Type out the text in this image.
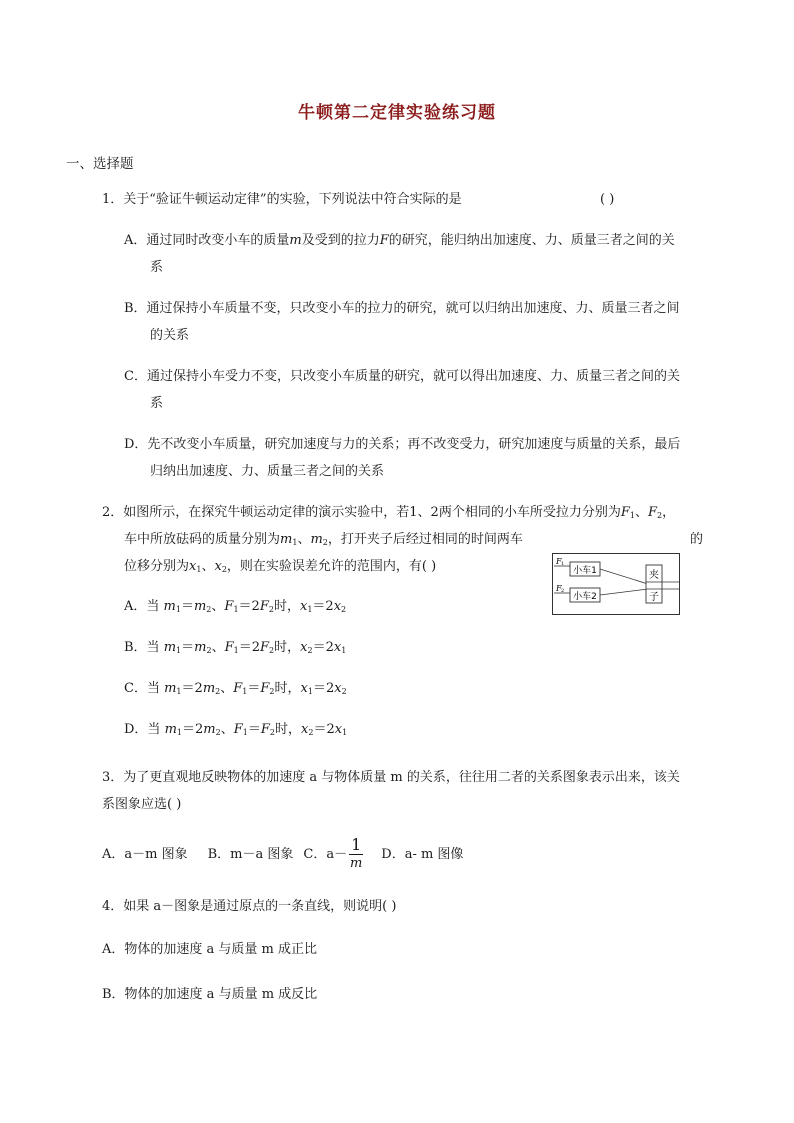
牛顿第二定律实验练习题
一、选择题
1．关于“验证牛顿运动定律”的实验，下列说法中符合实际的是	( )
A．通过同时改变小车的质量m及受到的拉力F的研究，能归纳出加速度、力、质量三者之间的关
系
B．通过保持小车质量不变，只改变小车的拉力的研究，就可以归纳出加速度、力、质量三者之间
的关系
C．通过保持小车受力不变，只改变小车质量的研究，就可以得出加速度、力、质量三者之间的关
系
D．先不改变小车质量，研究加速度与力的关系；再不改变受力，研究加速度与质量的关系，最后
归纳出加速度、力、质量三者之间的关系
2．如图所示，在探究牛顿运动定律的演示实验中，若1、2两个相同的小车所受拉力分别为$F_1$、$F_2$，
车中所放砝码的质量分别为$m_1$、$m_2$，打开夹子后经过相同的时间两车	的
位移分别为$x_1$、$x_2$，则在实验误差允许的范围内，有( )	F 1
F 2
小车1
小车2
夹
子
A．当 $m_1=m_2$、$F_1=2F_2$时，$x_1=2x_2$
B．当 $m_1=m_2$、$F_1=2F_2$时，$x_2=2x_1$
C．当 $m_1=2m_2$、$F_1=F_2$时，$x_1=2x_2$
D．当 $m_1=2m_2$、$F_1=F_2$时，$x_2=2x_1$
3．为了更直观地反映物体的加速度 a 与物体质量 m 的关系，往往用二者的关系图象表示出来，该关
系图象应选( )
A．a－m 图象 B．m－a 图象 C．$a- \frac{1}{m}$ D．a- m 图像
4．如果 a－图象是通过原点的一条直线，则说明( )
A．物体的加速度 a 与质量 m 成正比
B．物体的加速度 a 与质量 m 成反比
